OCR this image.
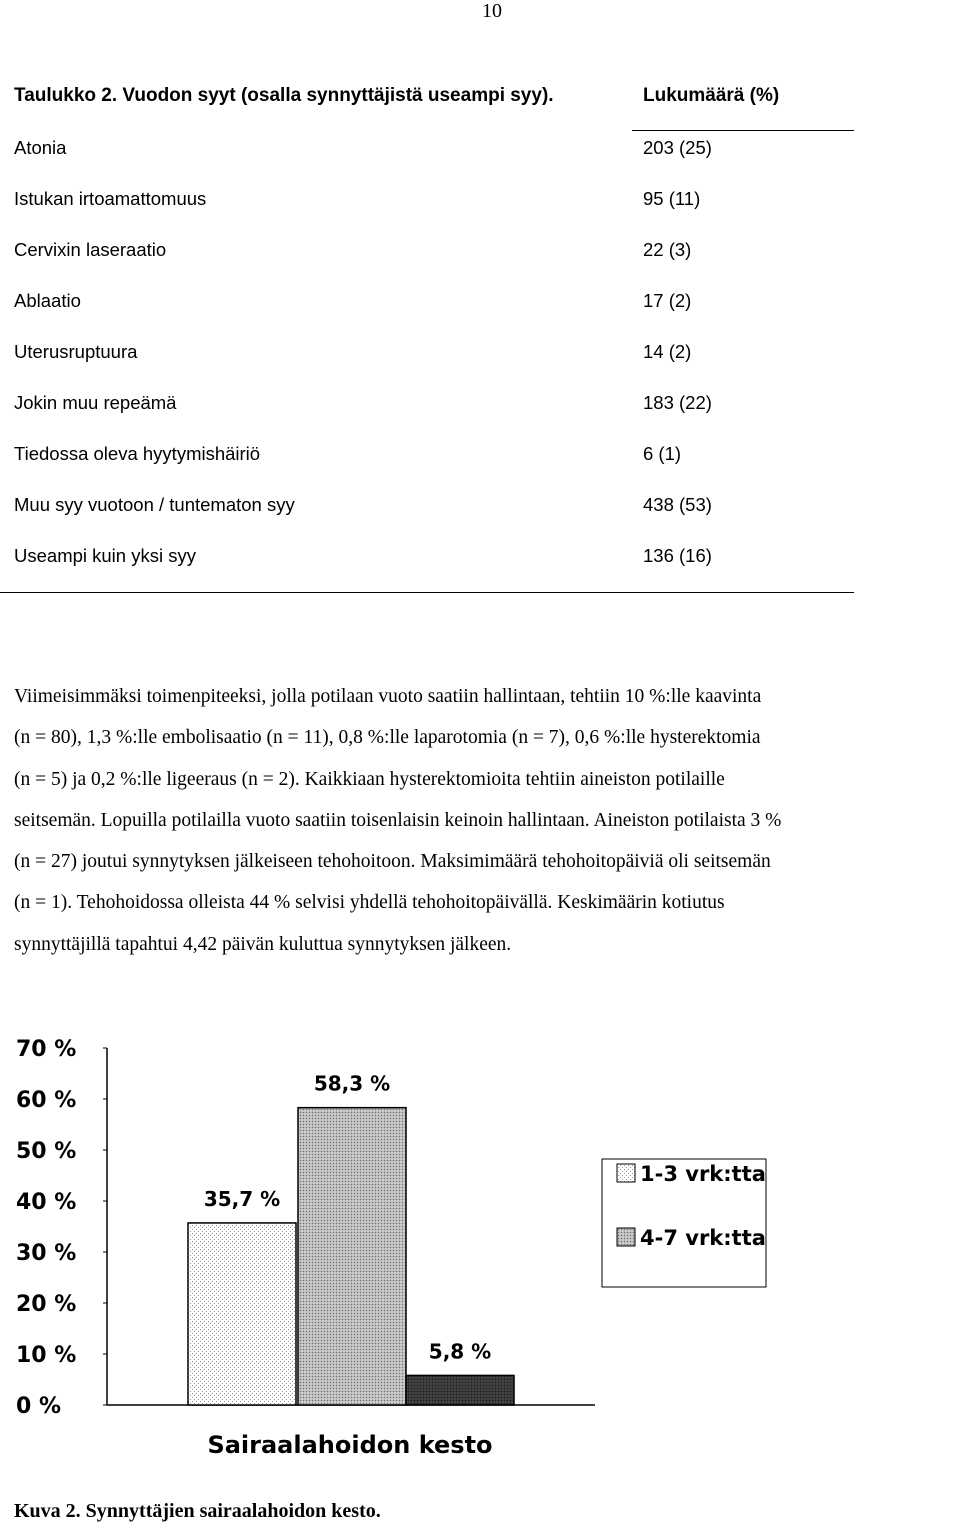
10
Taulukko 2. Vuodon syyt (osalla synnyttäjistä useampi syy).	Lukumäärä (%)
Atonia	203 (25)
Istukan irtoamattomuus	95 (11)
Cervixin laseraatio	22 (3)
Ablaatio	17 (2)
Uterusruptuura	14 (2)
Jokin muu repeämä	183 (22)
Tiedossa oleva hyytymishäiriö	6 (1)
Muu syy vuotoon / tuntematon syy	438 (53)
Useampi kuin yksi syy	136 (16)
Viimeisimmäksi toimenpiteeksi, jolla potilaan vuoto saatiin hallintaan, tehtiin 10 %:lle kaavinta
(n = 80), 1,3 %:lle embolisaatio (n = 11), 0,8 %:lle laparotomia (n = 7), 0,6 %:lle hysterektomia
(n = 5) ja 0,2 %:lle ligeeraus (n = 2). Kaikkiaan hysterektomioita tehtiin aineiston potilaille
seitsemän. Lopuilla potilailla vuoto saatiin toisenlaisin keinoin hallintaan. Aineiston potilaista 3 %
(n = 27) joutui synnytyksen jälkeiseen tehohoitoon. Maksimimäärä tehohoitopäiviä oli seitsemän
(n = 1). Tehohoidossa olleista 44 % selvisi yhdellä tehohoitopäivällä. Keskimäärin kotiutus
synnyttäjillä tapahtui 4,42 päivän kuluttua synnytyksen jälkeen.
0 %
10 %
20 %
30 %
40 %
50 %
60 %
70 %
35,7 %
58,3 %
5,8 %
1-3 vrk:tta
4-7 vrk:tta
Sairaalahoidon kesto
Kuva 2. Synnyttäjien sairaalahoidon kesto.
